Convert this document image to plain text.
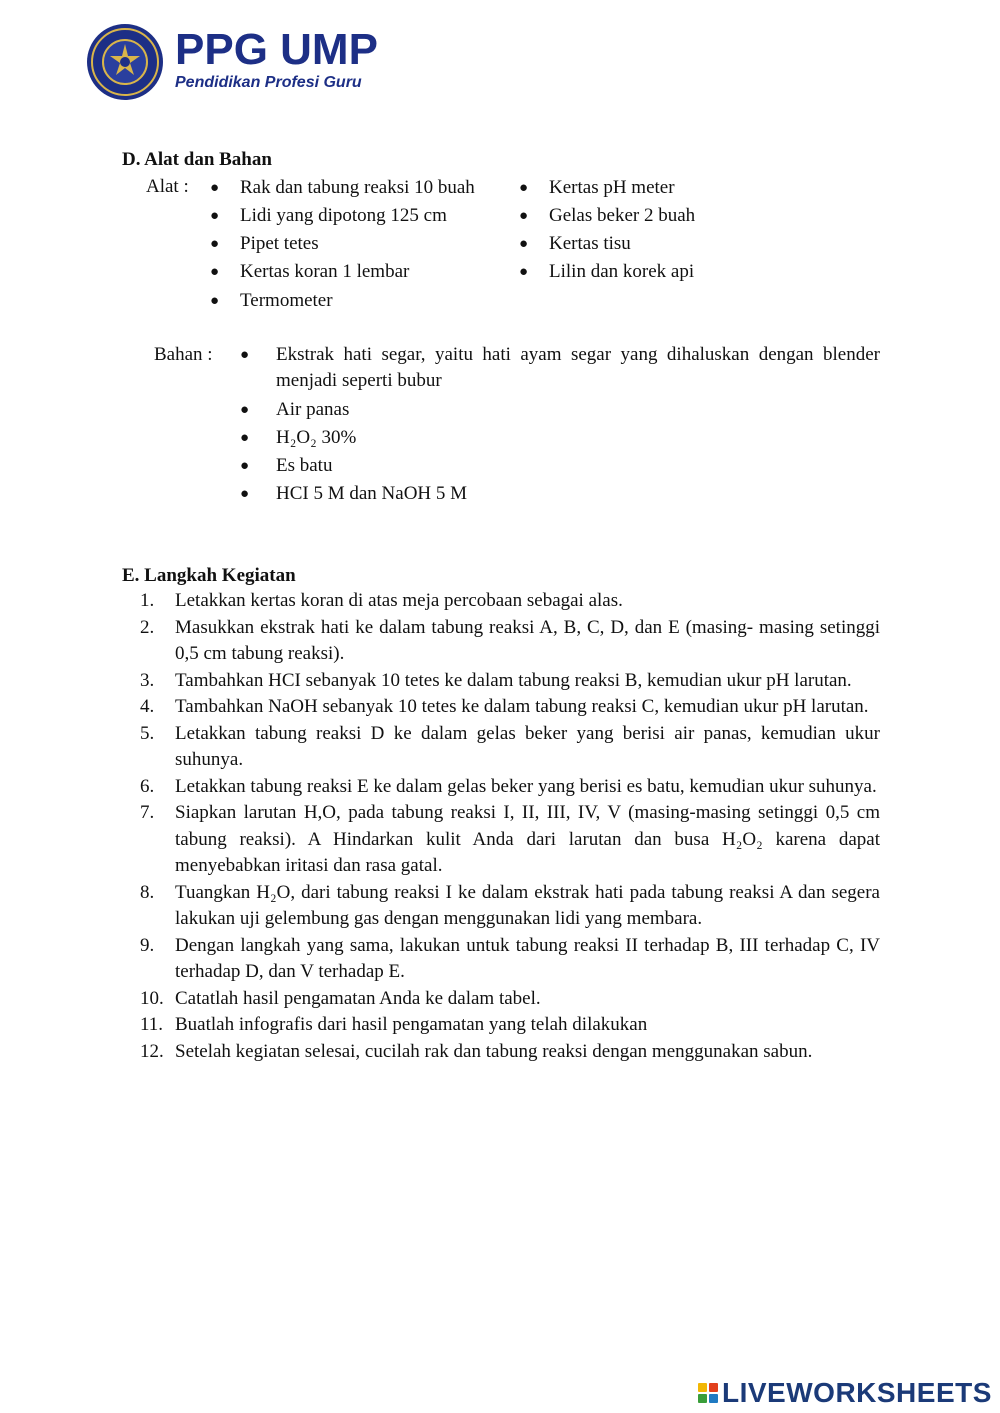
PPG UMP
Pendidikan Profesi Guru
D. Alat dan Bahan
Alat : ● Rak dan tabung reaksi 10 buah
● Lidi yang dipotong 125 cm
● Pipet tetes
● Kertas koran 1 lembar
● Termometer
● Kertas pH meter
● Gelas beker 2 buah
● Kertas tisu
● Lilin dan korek api
Bahan : ● Ekstrak hati segar, yaitu hati ayam segar yang dihaluskan dengan blender menjadi seperti bubur
● Air panas
● H₂O₂ 30%
● Es batu
● HCI 5 M dan NaOH 5 M
E. Langkah Kegiatan
1.	Letakkan kertas koran di atas meja percobaan sebagai alas.
2.	Masukkan ekstrak hati ke dalam tabung reaksi A, B, C, D, dan E (masing- masing setinggi 0,5 cm tabung reaksi).
3.	Tambahkan HCI sebanyak 10 tetes ke dalam tabung reaksi B, kemudian ukur pH larutan.
4.	Tambahkan NaOH sebanyak 10 tetes ke dalam tabung reaksi C, kemudian ukur pH larutan.
5.	Letakkan tabung reaksi D ke dalam gelas beker yang berisi air panas, kemudian ukur suhunya.
6.	Letakkan tabung reaksi E ke dalam gelas beker yang berisi es batu, kemudian ukur suhunya.
7.	Siapkan larutan H,O, pada tabung reaksi I, II, III, IV, V (masing-masing setinggi 0,5 cm tabung reaksi). A Hindarkan kulit Anda dari larutan dan busa H₂O₂ karena dapat menyebabkan iritasi dan rasa gatal.
8.	Tuangkan H₂O, dari tabung reaksi I ke dalam ekstrak hati pada tabung reaksi A dan segera lakukan uji gelembung gas dengan menggunakan lidi yang membara.
9.	Dengan langkah yang sama, lakukan untuk tabung reaksi II terhadap B, III terhadap C, IV terhadap D, dan V terhadap E.
10. Catatlah hasil pengamatan Anda ke dalam tabel.
11. Buatlah infografis dari hasil pengamatan yang telah dilakukan
12. Setelah kegiatan selesai, cucilah rak dan tabung reaksi dengan menggunakan sabun.
LIVEWORKSHEETS
